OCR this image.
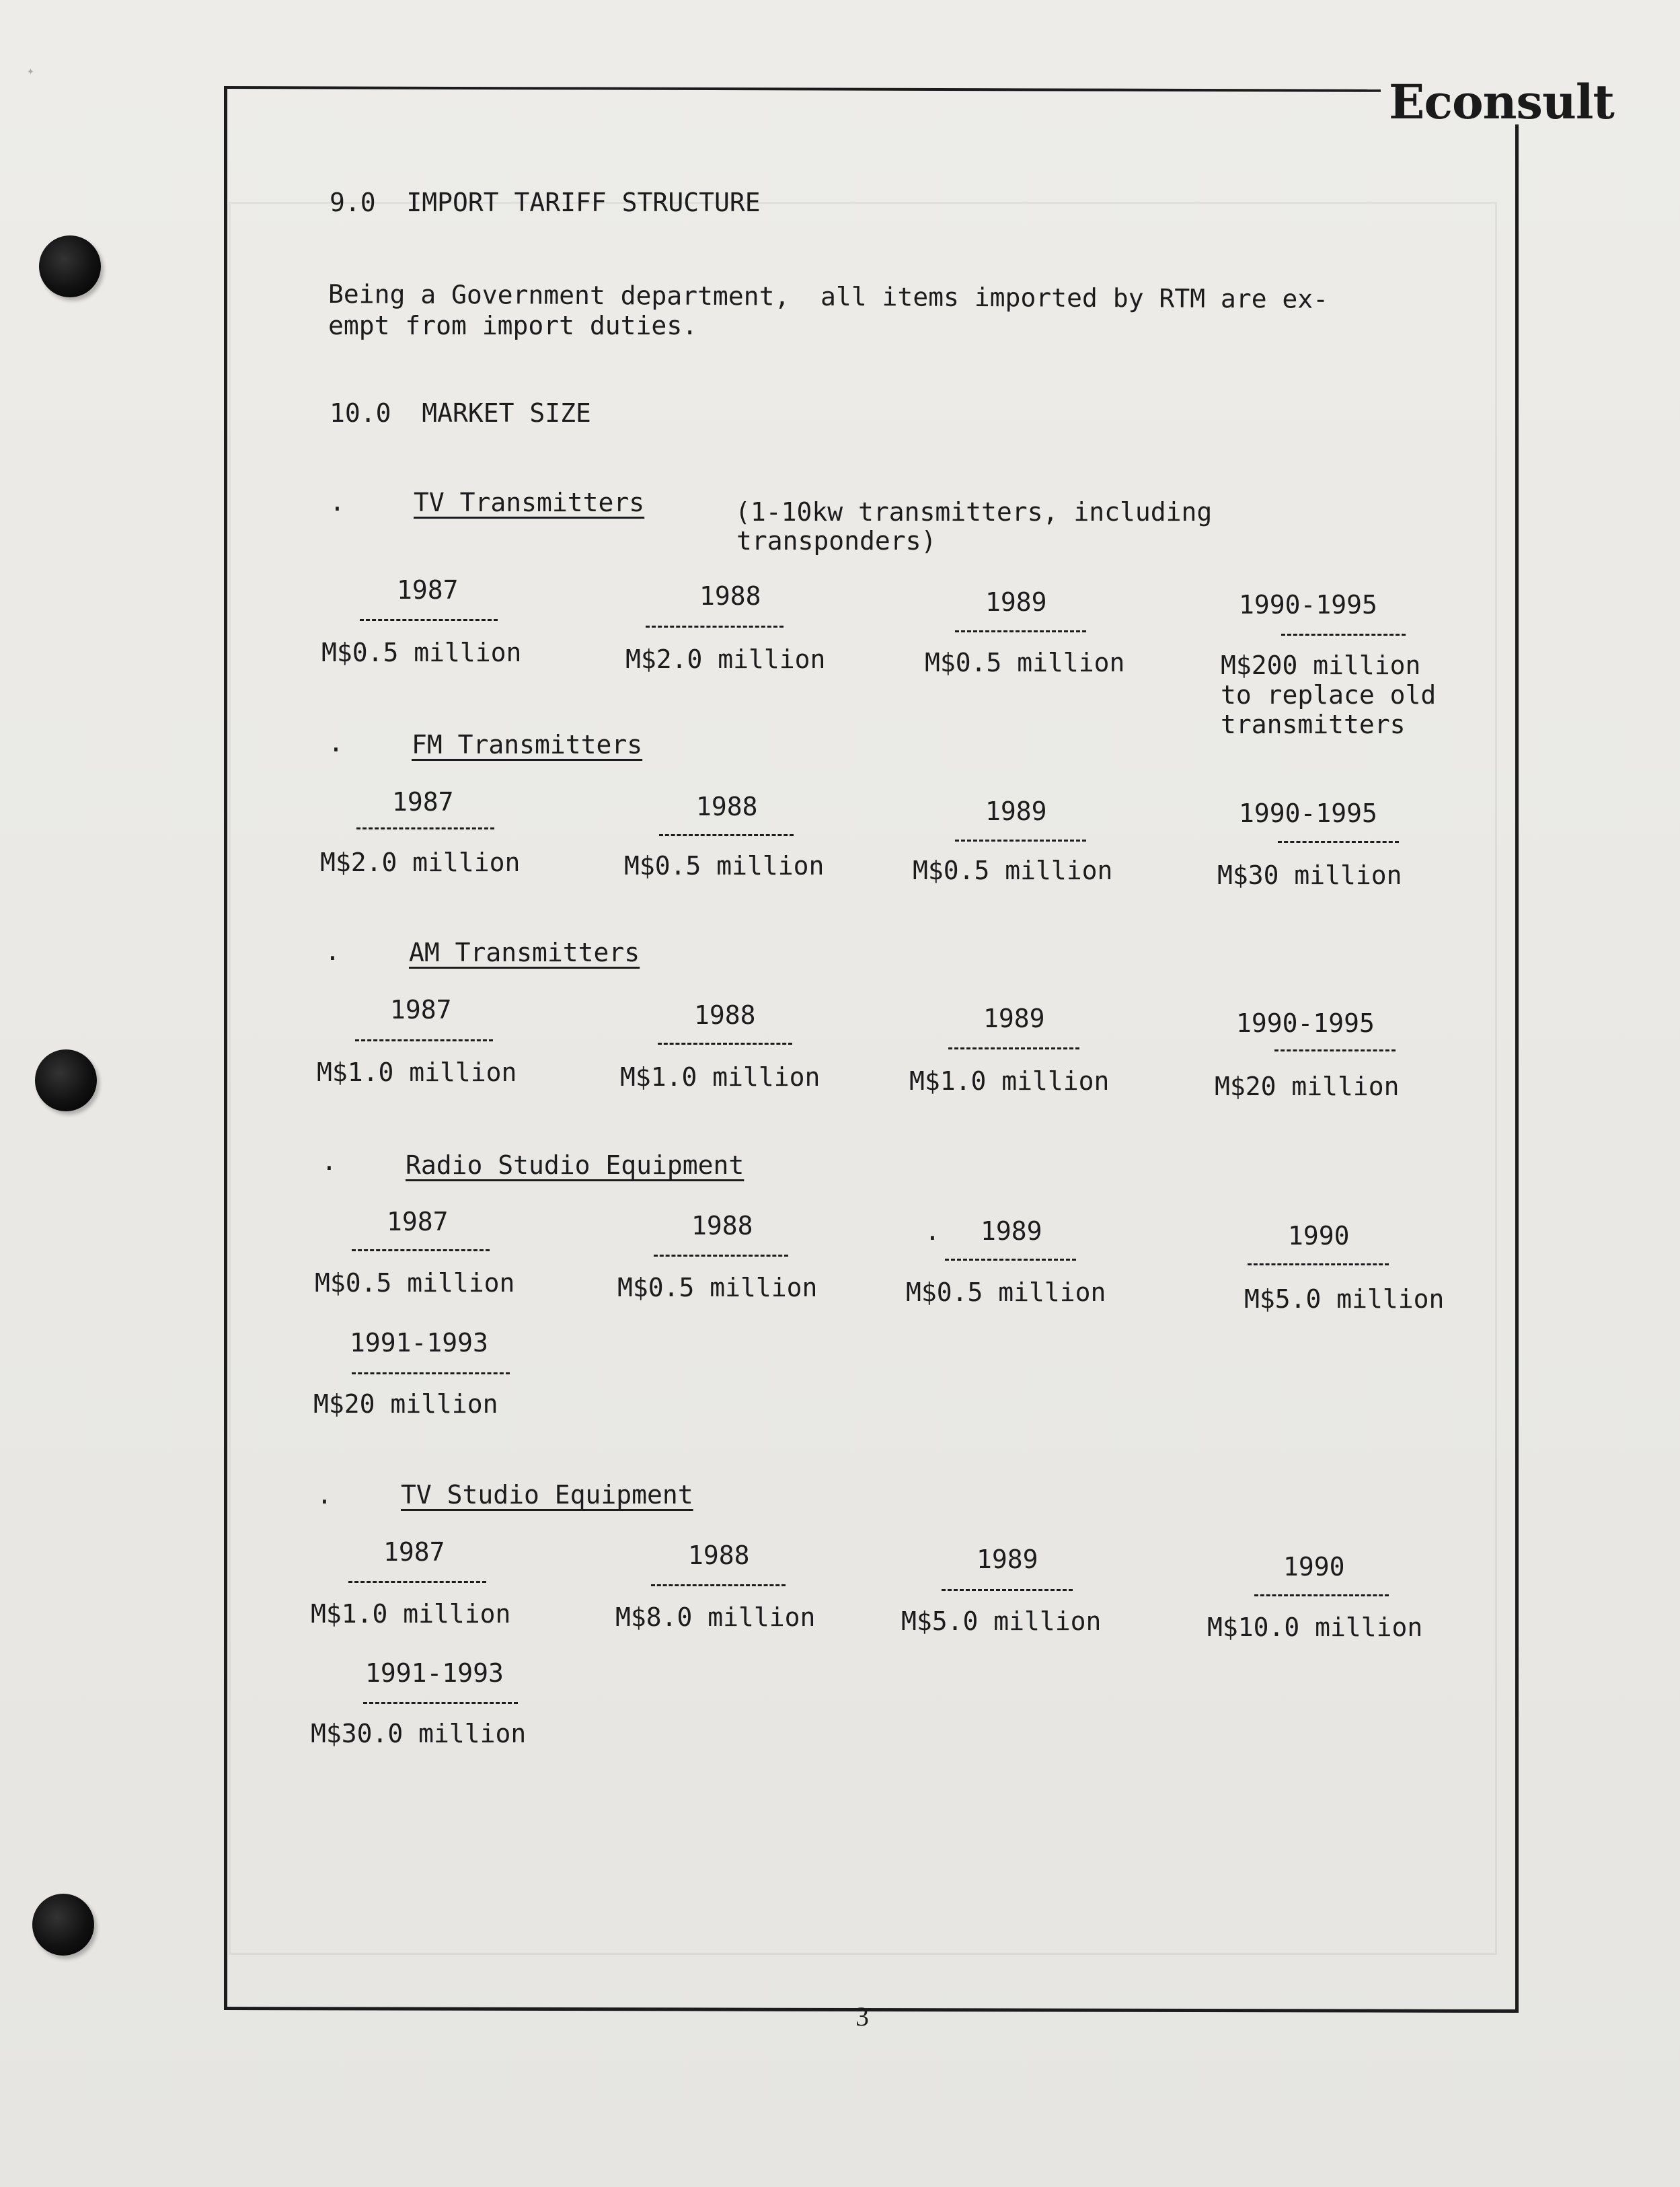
✦
Econsult
9.0  IMPORT TARIFF STRUCTURE
Being a Government department,  all items imported by RTM are ex-
empt from import duties.
10.0  MARKET SIZE
.	TV Transmitters	(1-10kw transmitters, including
transponders)
1987	1988	1989	1990-1995
M$0.5 million	M$2.0 million	M$0.5 million	M$200 million
to replace old
transmitters
.	FM Transmitters
1987	1988	1989	1990-1995
M$2.0 million	M$0.5 million	M$0.5 million	M$30 million
.	AM Transmitters
1987	1988	1989	1990-1995
M$1.0 million	M$1.0 million	M$1.0 million	M$20 million
.	Radio Studio Equipment
1987	1988	. 1989	1990
M$0.5 million	M$0.5 million	M$0.5 million	M$5.0 million
1991-1993
M$20 million
.	TV Studio Equipment
1987	1988	1989	1990
M$1.0 million	M$8.0 million	M$5.0 million	M$10.0 million
1991-1993
M$30.0 million
3
